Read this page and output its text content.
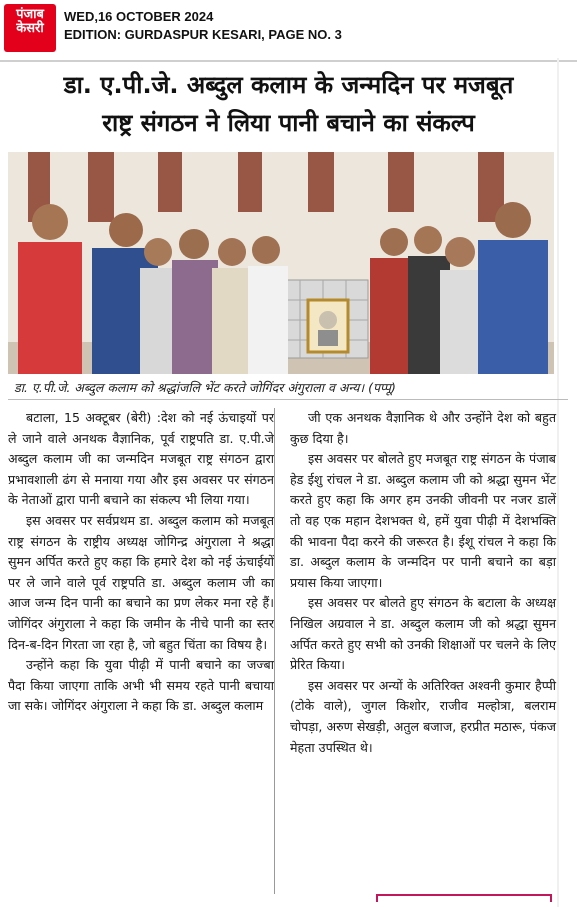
पंजाब
केसरी
WED,16 OCTOBER 2024
EDITION: GURDASPUR KESARI, PAGE NO. 3
डा. ए.पी.जे. अब्दुल कलाम के जन्मदिन पर मजबूत
राष्ट्र संगठन ने लिया पानी बचाने का संकल्प
डा. ए.पी.जे. अब्दुल कलाम को श्रद्धांजलि भेंट करते जोगिंदर अंगुराला व अन्य। (पप्पू)

बटाला, 15 अक्टूबर (बेरी) :देश को नई ऊंचाइयों पर ले जाने वाले अनथक वैज्ञानिक, पूर्व राष्ट्रपति डा. ए.पी.जे अब्दुल कलाम जी का जन्मदिन मजबूत राष्ट्र संगठन द्वारा प्रभावशाली ढंग से मनाया गया और इस अवसर पर संगठन के नेताओं द्वारा पानी बचाने का संकल्प भी लिया गया।

इस अवसर पर सर्वप्रथम डा. अब्दुल कलाम को मजबूत राष्ट्र संगठन के राष्ट्रीय अध्यक्ष जोगिन्द्र अंगुराला ने श्रद्धा सुमन अर्पित करते हुए कहा कि हमारे देश को नई ऊंचाईयों पर ले जाने वाले पूर्व राष्ट्रपति डा. अब्दुल कलाम जी का आज जन्म दिन पानी का बचाने का प्रण लेकर मना रहे हैं। जोगिंदर अंगुराला ने कहा कि जमीन के नीचे पानी का स्तर दिन-ब-दिन गिरता जा रहा है, जो बहुत चिंता का विषय है।

उन्होंने कहा कि युवा पीढ़ी में पानी बचाने का जज्बा पैदा किया जाएगा ताकि अभी भी समय रहते पानी बचाया जा सके। जोगिंदर अंगुराला ने कहा कि डा. अब्दुल कलाम

जी एक अनथक वैज्ञानिक थे और उन्होंने देश को बहुत कुछ दिया है।

इस अवसर पर बोलते हुए मजबूत राष्ट्र संगठन के पंजाब हेड ईशु रांचल ने डा. अब्दुल कलाम जी को श्रद्धा सुमन भेंट करते हुए कहा कि अगर हम उनकी जीवनी पर नजर डालें तो वह एक महान देशभक्त थे, हमें युवा पीढ़ी में देशभक्ति की भावना पैदा करने की जरूरत है। ईशू रांचल ने कहा कि डा. अब्दुल कलाम के जन्मदिन पर पानी बचाने का बड़ा प्रयास किया जाएगा।

इस अवसर पर बोलते हुए संगठन के बटाला के अध्यक्ष निखिल अग्रवाल ने डा. अब्दुल कलाम जी को श्रद्धा सुमन अर्पित करते हुए सभी को उनकी शिक्षाओं पर चलने के लिए प्रेरित किया।

इस अवसर पर अन्यों के अतिरिक्त अश्वनी कुमार हैप्पी (टोके वाले), जुगल किशोर, राजीव मल्होत्रा, बलराम चोपड़ा, अरुण सेखड़ी, अतुल बजाज, हरप्रीत मठारू, पंकज मेहता उपस्थित थे।
